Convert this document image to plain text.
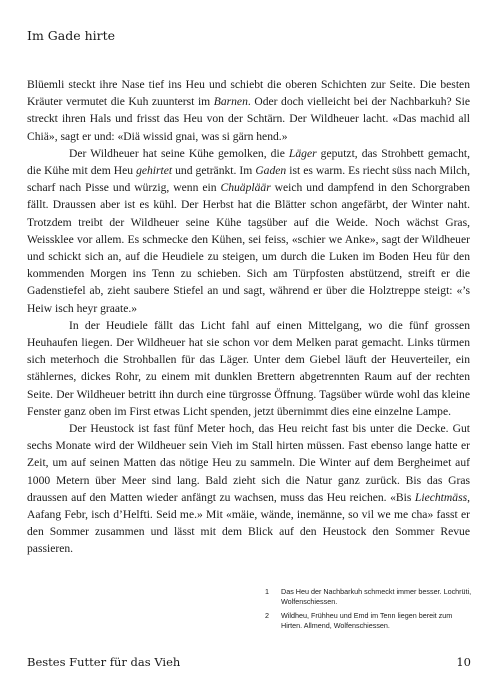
Im Gade hirte

Blüemli steckt ihre Nase tief ins Heu und schiebt die oberen Schichten zur Seite. Die besten Kräuter vermutet die Kuh zuunterst im Barnen. Oder doch vielleicht bei der Nachbarkuh? Sie streckt ihren Hals und frisst das Heu von der Schtärn. Der Wildheuer lacht. «Das machid all Chiä», sagt er und: «Diä wissid gnai, was si gärn hend.»

Der Wildheuer hat seine Kühe gemolken, die Läger geputzt, das Strohbett gemacht, die Kühe mit dem Heu gehirtet und getränkt. Im Gaden ist es warm. Es riecht süss nach Milch, scharf nach Pisse und würzig, wenn ein Chuäpläär weich und dampfend in den Schorgraben fällt. Draussen aber ist es kühl. Der Herbst hat die Blätter schon angefärbt, der Winter naht. Trotzdem treibt der Wildheuer seine Kühe tagsüber auf die Weide. Noch wächst Gras, Weissklee vor allem. Es schmecke den Kühen, sei feiss, «schier we Anke», sagt der Wildheuer und schickt sich an, auf die Heudiele zu steigen, um durch die Luken im Boden Heu für den kommenden Morgen ins Tenn zu schieben. Sich am Türpfosten abstützend, streift er die Gadenstiefel ab, zieht saubere Stiefel an und sagt, während er über die Holztreppe steigt: «’s Heiw isch heyr graate.»

In der Heudiele fällt das Licht fahl auf einen Mittelgang, wo die fünf grossen Heuhaufen liegen. Der Wildheuer hat sie schon vor dem Melken parat gemacht. Links türmen sich meterhoch die Strohballen für das Läger. Unter dem Giebel läuft der Heuverteiler, ein stählernes, dickes Rohr, zu einem mit dunklen Brettern abgetrennten Raum auf der rechten Seite. Der Wildheuer betritt ihn durch eine türgrosse Öffnung. Tagsüber würde wohl das kleine Fenster ganz oben im First etwas Licht spenden, jetzt übernimmt dies eine einzelne Lampe.

Der Heustock ist fast fünf Meter hoch, das Heu reicht fast bis unter die Decke. Gut sechs Monate wird der Wildheuer sein Vieh im Stall hirten müssen. Fast ebenso lange hatte er Zeit, um auf seinen Matten das nötige Heu zu sammeln. Die Winter auf dem Bergheimet auf 1000 Metern über Meer sind lang. Bald zieht sich die Natur ganz zurück. Bis das Gras draussen auf den Matten wieder anfängt zu wachsen, muss das Heu reichen. «Bis Liechtmäss, Aafang Febr, isch d’Helfti. Seid me.» Mit «mäie, wände, inemänne, so vil we me cha» fasst er den Sommer zusammen und lässt mit dem Blick auf den Heustock den Sommer Revue passieren.

1	Das Heu der Nachbarkuh schmeckt immer besser. Lochrüti, Wolfenschiessen.
2	Wildheu, Frühheu und Emd im Tenn liegen bereit zum Hirten. Allmend, Wolfenschiessen.
Bestes Futter für das Vieh	10
